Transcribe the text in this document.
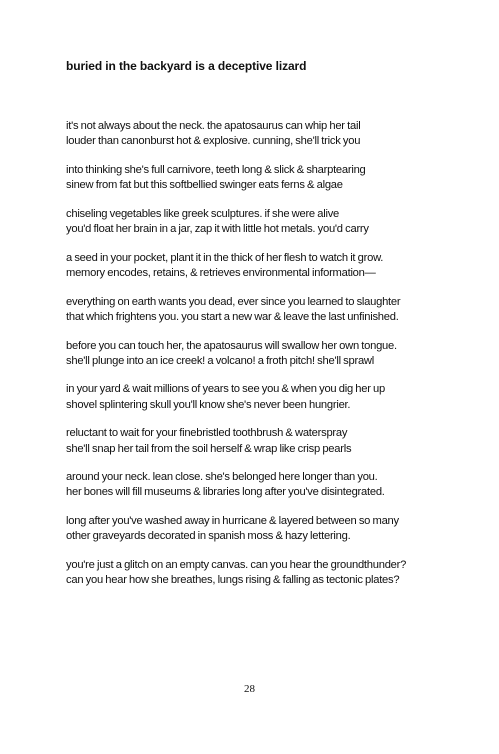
buried in the backyard is a deceptive lizard

it's not always about the neck. the apatosaurus can whip her tail
louder than canonburst hot & explosive. cunning, she'll trick you

into thinking she's full carnivore, teeth long & slick & sharptearing
sinew from fat but this softbellied swinger eats ferns & algae

chiseling vegetables like greek sculptures. if she were alive
you'd float her brain in a jar, zap it with little hot metals. you'd carry

a seed in your pocket, plant it in the thick of her flesh to watch it grow.
memory encodes, retains, & retrieves environmental information—

everything on earth wants you dead, ever since you learned to slaughter
that which frightens you. you start a new war & leave the last unfinished.

before you can touch her, the apatosaurus will swallow her own tongue.
she'll plunge into an ice creek! a volcano! a froth pitch! she'll sprawl

in your yard & wait millions of years to see you & when you dig her up
shovel splintering skull you'll know she's never been hungrier.

reluctant to wait for your finebristled toothbrush & waterspray
she'll snap her tail from the soil herself & wrap like crisp pearls

around your neck. lean close. she's belonged here longer than you.
her bones will fill museums & libraries long after you've disintegrated.

long after you've washed away in hurricane & layered between so many
other graveyards decorated in spanish moss & hazy lettering.

you're just a glitch on an empty canvas. can you hear the groundthunder?
can you hear how she breathes, lungs rising & falling as tectonic plates?

28
